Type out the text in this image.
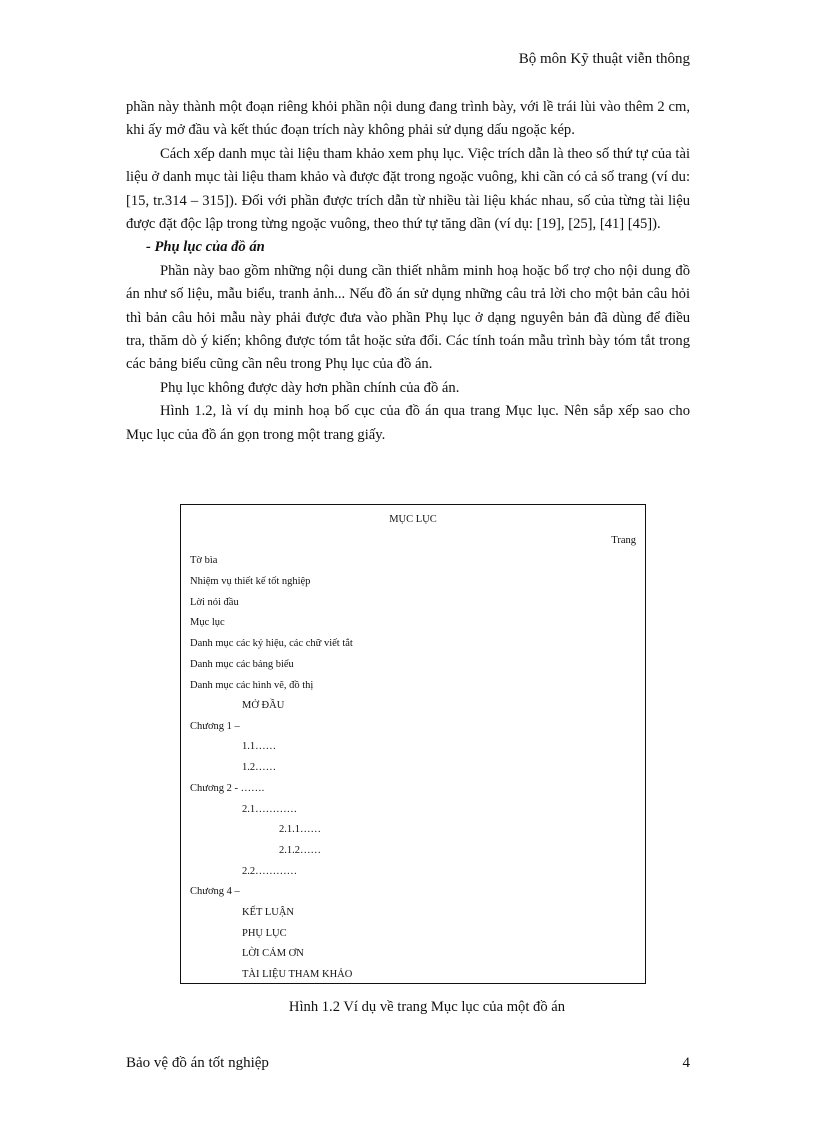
Bộ môn Kỹ thuật viễn thông

phần này thành một đoạn riêng khỏi phần nội dung đang trình bày, với lề trái lùi vào thêm 2 cm, khi ấy mở đầu và kết thúc đoạn trích này không phải sử dụng dấu ngoặc kép.

Cách xếp danh mục tài liệu tham khảo xem phụ lục. Việc trích dẫn là theo số thứ tự của tài liệu ở danh mục tài liệu tham khảo và được đặt trong ngoặc vuông, khi cần có cả số trang (ví du: [15, tr.314 – 315]). Đối với phần được trích dẫn từ nhiều tài liệu khác nhau, số của từng tài liệu được đặt độc lập trong từng ngoặc vuông, theo thứ tự tăng dần (ví dụ: [19], [25], [41] [45]).

- Phụ lục của đồ án

Phần này bao gồm những nội dung cần thiết nhằm minh hoạ hoặc bổ trợ cho nội dung đồ án như số liệu, mẫu biểu, tranh ảnh... Nếu đồ án sử dụng những câu trả lời cho một bản câu hỏi thì bản câu hỏi mẫu này phải được đưa vào phần Phụ lục ở dạng nguyên bản đã dùng để điều tra, thăm dò ý kiến; không được tóm tắt hoặc sửa đổi. Các tính toán mẫu trình bày tóm tắt trong các bảng biểu cũng cần nêu trong Phụ lục của đồ án.

Phụ lục không được dày hơn phần chính của đồ án.

Hình 1.2, là ví dụ minh hoạ bố cục của đồ án qua trang Mục lục. Nên sắp xếp sao cho Mục lục của đồ án gọn trong một trang giấy.

MỤC LỤC
Trang
Tờ bìa
Nhiệm vụ thiết kế tốt nghiệp
Lời nói đầu
Mục lục
Danh mục các ký hiệu, các chữ viết tắt
Danh mục các bảng biểu
Danh mục các hình vẽ, đồ thị
MỞ ĐẦU
Chương 1 –
1.1……
1.2……
Chương 2 - …….
2.1…………
2.1.1……
2.1.2……
2.2…………
Chương 4 –
KẾT LUẬN
PHỤ LỤC
LỜI CẢM ƠN
TÀI LIỆU THAM KHẢO
Hình 1.2 Ví dụ về trang Mục lục của một đồ án
Bảo vệ đồ án tốt nghiệp	4
